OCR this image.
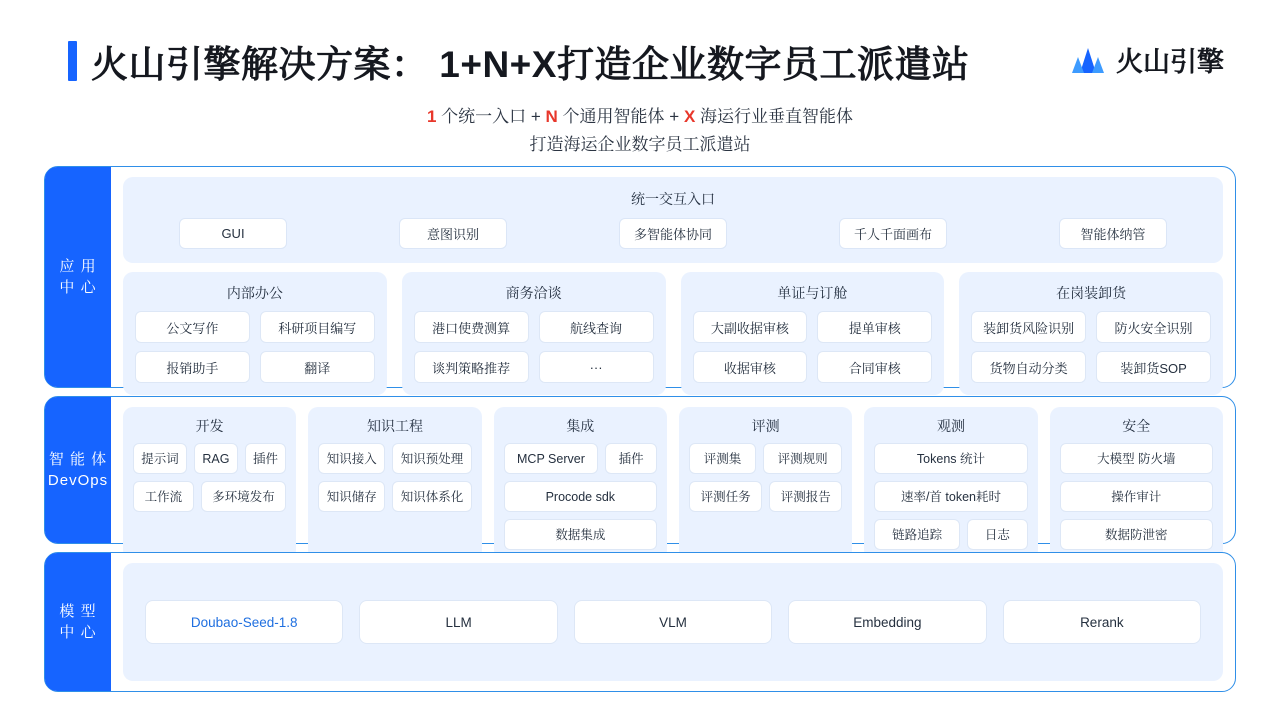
火山引擎解决方案： 1+N+X打造企业数字员工派遣站	火山引擎
1 个统一入口 + N 个通用智能体 + X 海运行业垂直智能体
打造海运企业数字员工派遣站
应 用 中 心
统一交互入口
GUI	意图识别	多智能体协同	千人千面画布	智能体纳管
内部办公
公文写作	科研项目编写
报销助手	翻译
商务洽谈
港口使费测算	航线查询
谈判策略推荐	···
单证与订舱
大副收据审核	提单审核
收据审核	合同审核
在岗装卸货
装卸货风险识别	防火安全识别
货物自动分类	装卸货SOP
智 能 体 DevOps
开发
提示词	RAG	插件
工作流	多环境发布
知识工程
知识接入	知识预处理
知识储存	知识体系化
集成
MCP Server	插件
Procode sdk
数据集成
评测
评测集	评测规则
评测任务	评测报告
观测
Tokens 统计
速率/首 token耗时
链路追踪	日志
安全
大模型 防火墙
操作审计
数据防泄密
模 型 中 心
Doubao-Seed-1.8	LLM	VLM	Embedding	Rerank
